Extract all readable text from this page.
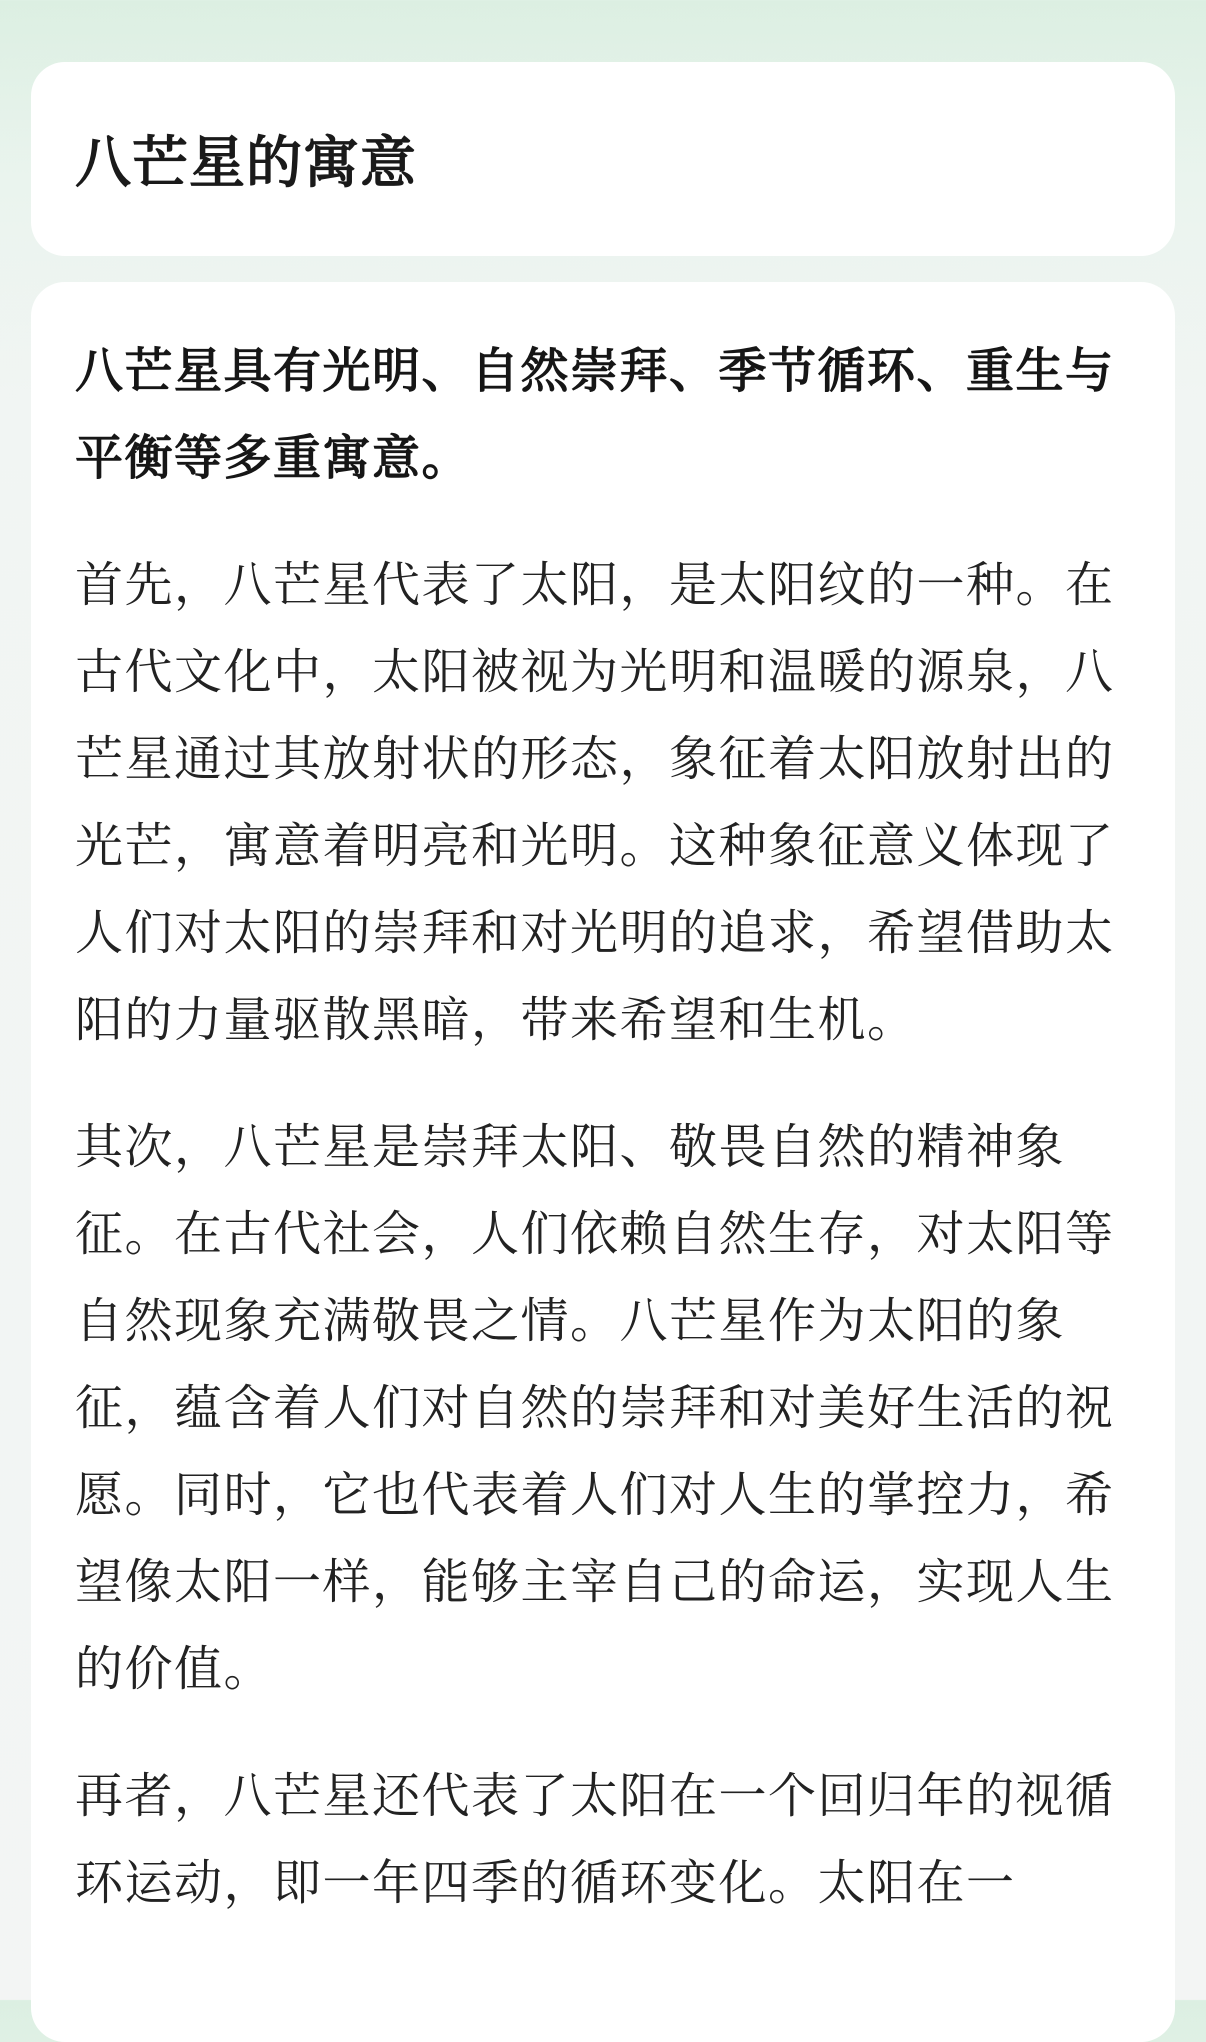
八芒星的寓意

八芒星具有光明、自然崇拜、季节循环、重生与平衡等多重寓意。

首先，八芒星代表了太阳，是太阳纹的一种。在古代文化中，太阳被视为光明和温暖的源泉，八芒星通过其放射状的形态，象征着太阳放射出的光芒，寓意着明亮和光明。这种象征意义体现了人们对太阳的崇拜和对光明的追求，希望借助太阳的力量驱散黑暗，带来希望和生机。

其次，八芒星是崇拜太阳、敬畏自然的精神象征。在古代社会，人们依赖自然生存，对太阳等自然现象充满敬畏之情。八芒星作为太阳的象征，蕴含着人们对自然的崇拜和对美好生活的祝愿。同时，它也代表着人们对人生的掌控力，希望像太阳一样，能够主宰自己的命运，实现人生的价值。

再者，八芒星还代表了太阳在一个回归年的视循环运动，即一年四季的循环变化。太阳在一
